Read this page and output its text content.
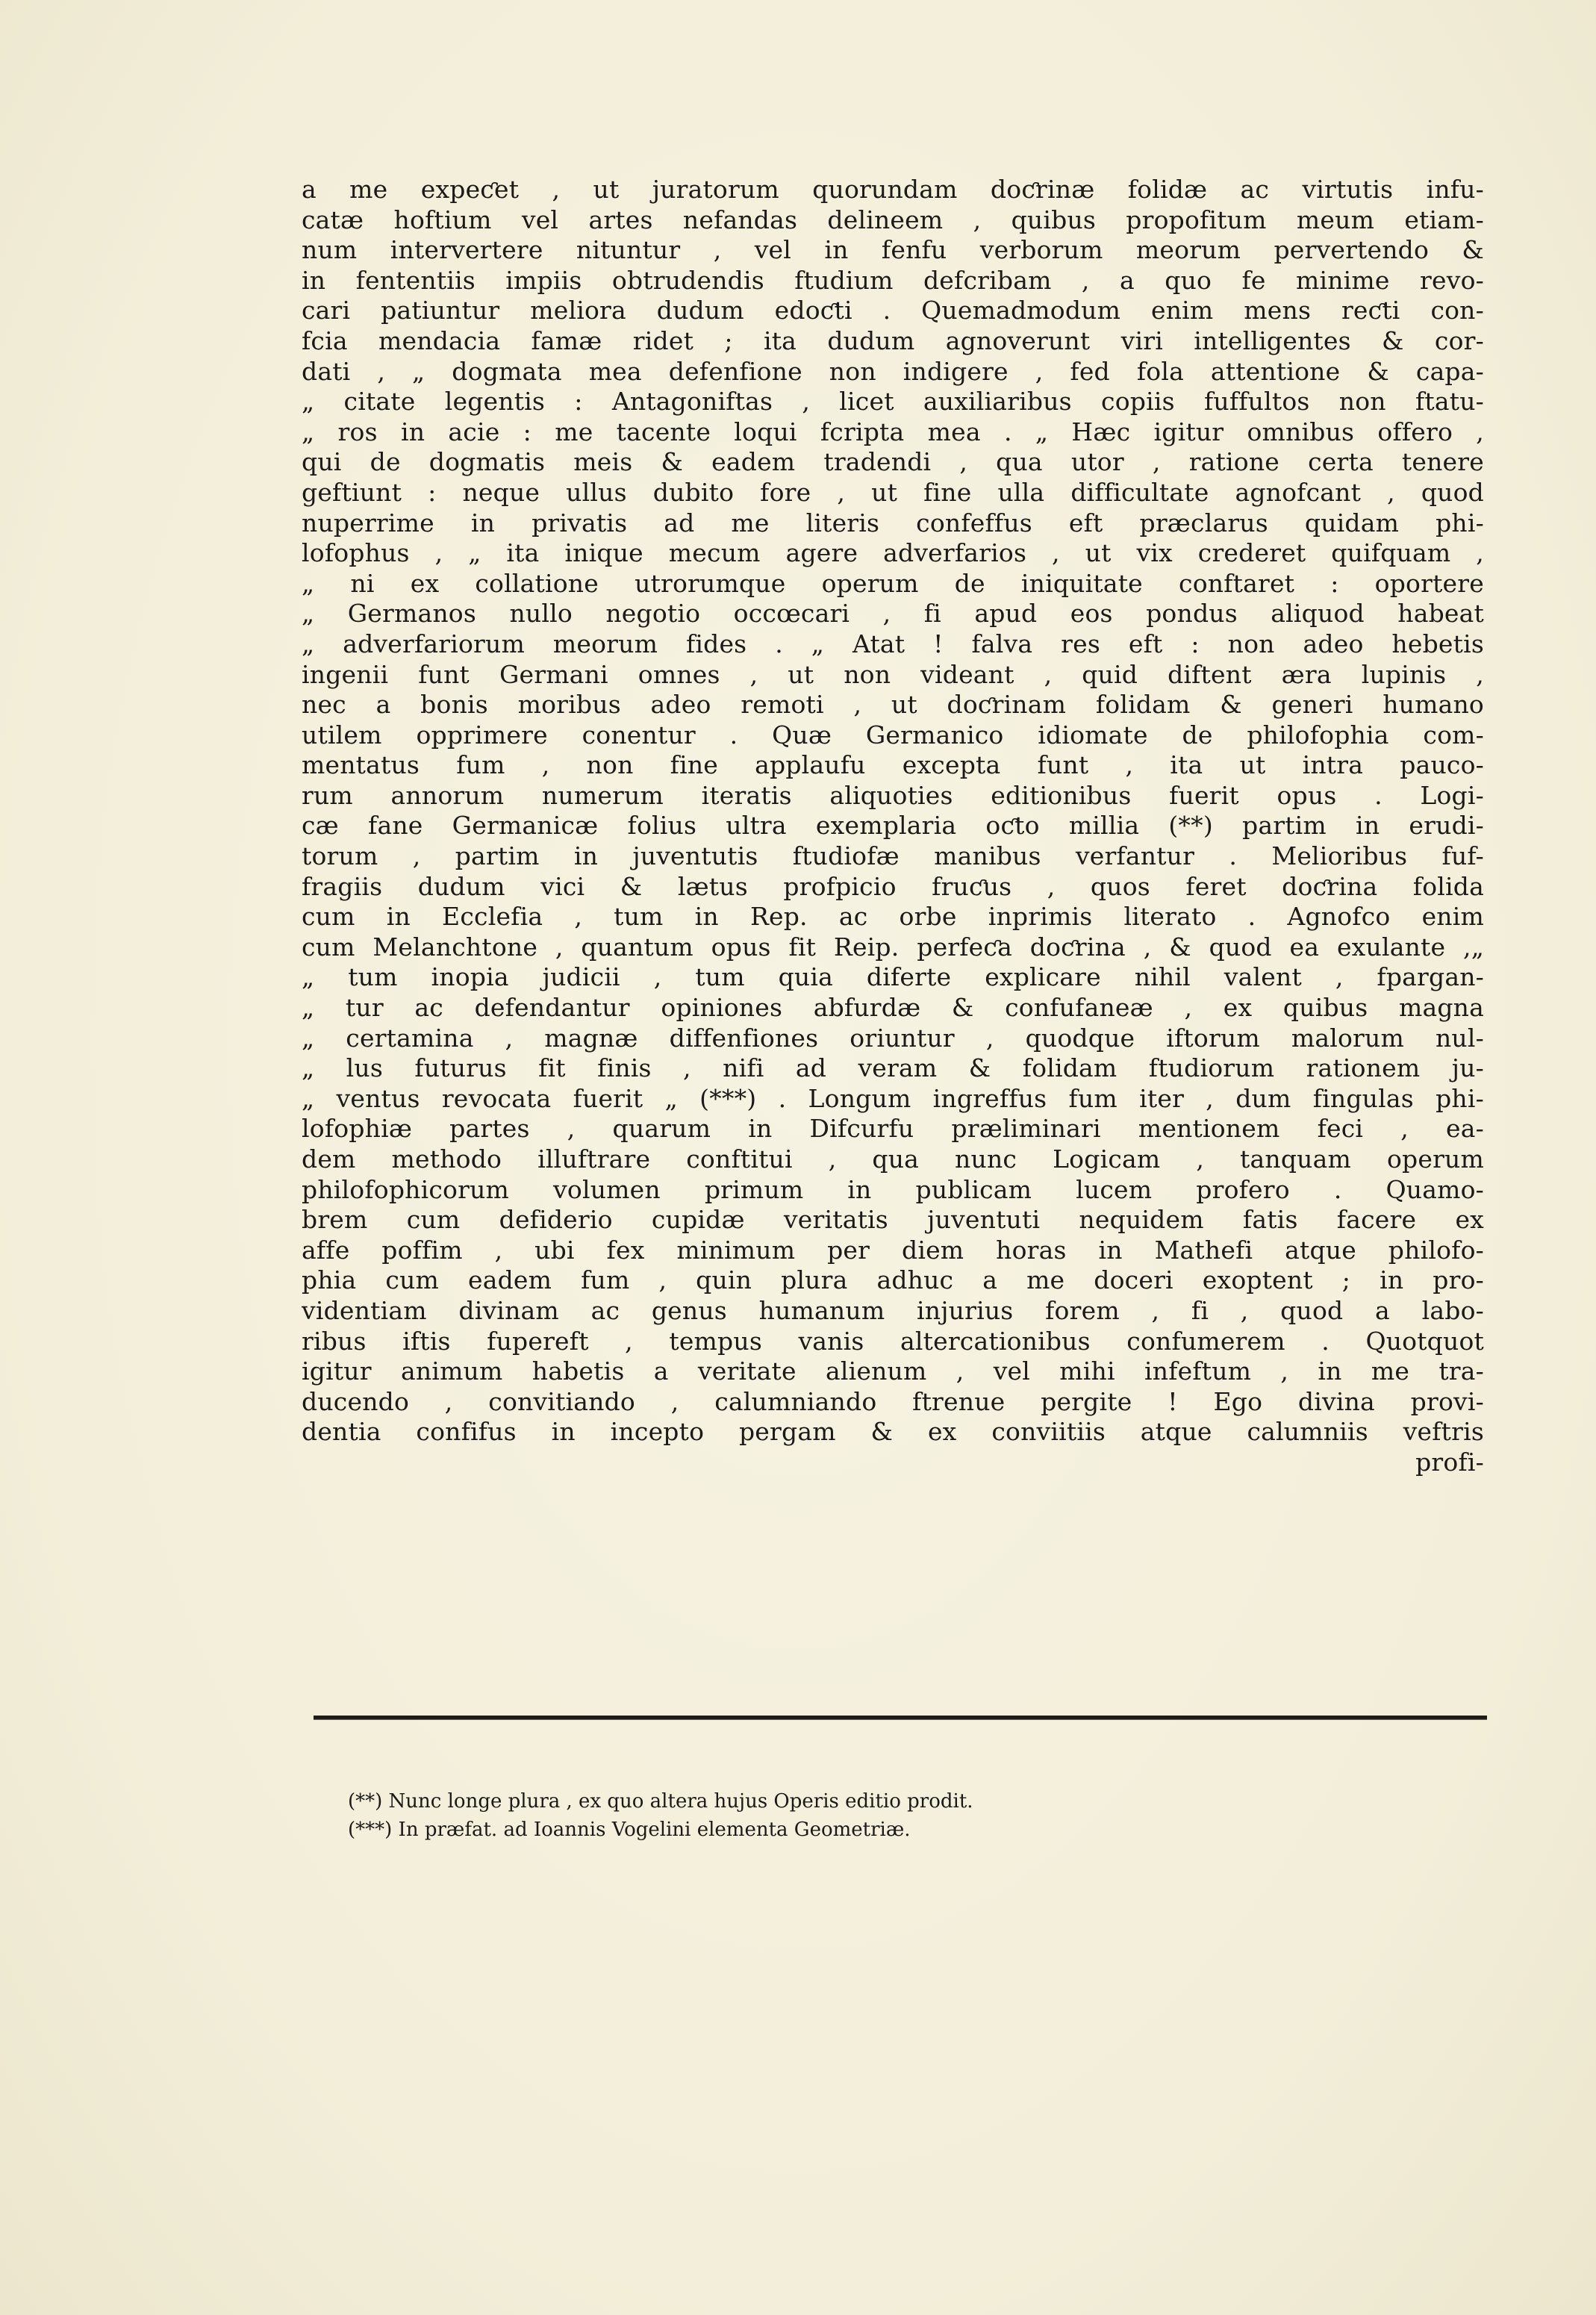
a me expeƈet , ut juratorum quorundam doƈrinæ folidæ ac virtutis infu-
catæ hoftium vel artes nefandas delineem , quibus propofitum meum etiam-
num intervertere nituntur , vel in fenfu verborum meorum pervertendo &
in fententiis impiis obtrudendis ftudium defcribam , a quo fe minime revo-
cari patiuntur meliora dudum edoƈti . Quemadmodum enim mens reƈti con-
fcia mendacia famæ ridet ; ita dudum agnoverunt viri intelligentes & cor-
dati , „ dogmata mea defenfione non indigere , fed fola attentione & capa-
„ citate legentis : Antagoniftas , licet auxiliaribus copiis fuffultos non ftatu-
„ ros in acie : me tacente loqui fcripta mea . „ Hæc igitur omnibus offero ,
qui de dogmatis meis & eadem tradendi , qua utor , ratione certa tenere
geftiunt : neque ullus dubito fore , ut fine ulla difficultate agnofcant , quod
nuperrime in privatis ad me literis confeffus eft præclarus quidam phi-
lofophus , „ ita inique mecum agere adverfarios , ut vix crederet quifquam ,
„ ni ex collatione utrorumque operum de iniquitate conftaret : oportere
„ Germanos nullo negotio occœcari , fi apud eos pondus aliquod habeat
„ adverfariorum meorum fides . „ Atat ! falva res eft : non adeo hebetis
ingenii funt Germani omnes , ut non videant , quid diftent æra lupinis ,
nec a bonis moribus adeo remoti , ut doƈrinam folidam & generi humano
utilem opprimere conentur . Quæ Germanico idiomate de philofophia com-
mentatus fum , non fine applaufu excepta funt , ita ut intra pauco-
rum annorum numerum iteratis aliquoties editionibus fuerit opus . Logi-
cæ fane Germanicæ folius ultra exemplaria oƈto millia (**) partim in erudi-
torum , partim in juventutis ftudiofæ manibus verfantur . Melioribus fuf-
fragiis dudum vici & lætus profpicio fruƈus , quos feret doƈrina folida
cum in Ecclefia , tum in Rep. ac orbe inprimis literato . Agnofco enim
cum Melanchtone , quantum opus fit Reip. perfeƈa doƈrina , & quod ea exulante ,„
„ tum inopia judicii , tum quia diferte explicare nihil valent , fpargan-
„ tur ac defendantur opiniones abfurdæ & confufaneæ , ex quibus magna
„ certamina , magnæ diffenfiones oriuntur , quodque iftorum malorum nul-
„ lus futurus fit finis , nifi ad veram & folidam ftudiorum rationem ju-
„ ventus revocata fuerit „ (***) . Longum ingreffus fum iter , dum fingulas phi-
lofophiæ partes , quarum in Difcurfu præliminari mentionem feci , ea-
dem methodo illuftrare conftitui , qua nunc Logicam , tanquam operum
philofophicorum volumen primum in publicam lucem profero . Quamo-
brem cum defiderio cupidæ veritatis juventuti nequidem fatis facere ex
affe poffim , ubi fex minimum per diem horas in Mathefi atque philofo-
phia cum eadem fum , quin plura adhuc a me doceri exoptent ; in pro-
videntiam divinam ac genus humanum injurius forem , fi , quod a labo-
ribus iftis fupereft , tempus vanis altercationibus confumerem . Quotquot
igitur animum habetis a veritate alienum , vel mihi infeftum , in me tra-
ducendo , convitiando , calumniando ftrenue pergite ! Ego divina provi-
dentia confifus in incepto pergam & ex conviitiis atque calumniis veftris
profi-
(**) Nunc longe plura , ex quo altera hujus Operis editio prodit.
(***) In præfat. ad Ioannis Vogelini elementa Geometriæ.
